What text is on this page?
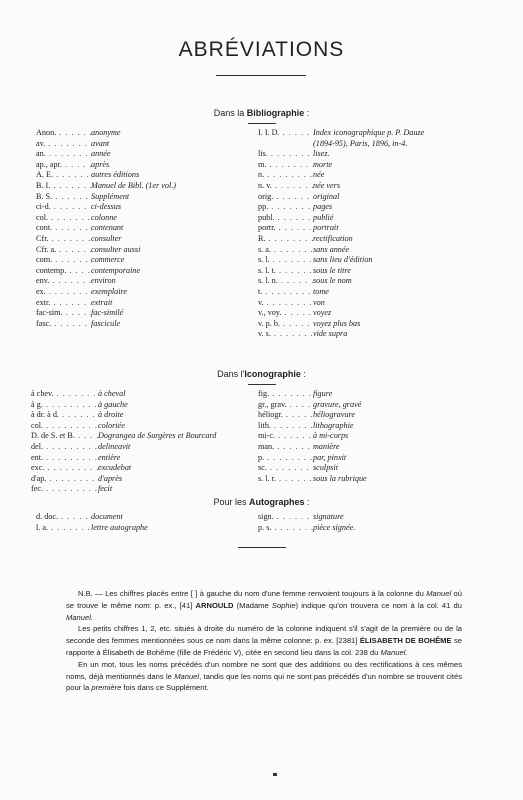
ABRÉVIATIONS
Dans la Bibliographie :
Anon. . . .	anonyme
av. . . .	avant
an. . . .	année
ap., apr. . . .	après
A. E. . . .	autres éditions
B. I. . . .	Manuel de Bibl. (1er vol.)
B. S. . . .	Supplément
ci-d. . . .	ci-dessus
col. . . .	colonne
cont. . . .	contenant
Cfr. . . .	consulter
Cfr. a. . . .	consulter aussi
com. . . .	commerce
contemp. . . .	contemporaine
env. . . .	environ
ex. . . .	exemplaire
extr. . . .	extrait
fac-sim. . . .	fac-similé
fasc. . . .	fascicule
I. I. D. . . .	Index iconographique p. P. Dauze
(1894-95), Paris, 1896, in-4.
lis. . . .	lisez.
m. . . .	morte
n. . . .	née
n. v. . . .	née vers
orig. . . .	original
pp. . . .	pages
publ. . . .	publié
portr. . . .	portrait
R. . . .	rectification
s. a. . . .	sans année
s. l. . . .	sans lieu d'édition
s. l. t. . . .	sous le titre
s. l. n. . . .	sous le nom
t. . . .	tome
v. . . .	von
v., voy. . . .	voyez
v. p. b. . . .	voyez plus bas
v. s. . . .	vide supra
Dans l'Iconographie :
à chev. . . .	à cheval
à g. . . .	à gauche
à dr. à d. . . .	à droite
col. . . .	coloriée
D. de S. et B. . . .	Dograngea de Surgères et Bourcard
del. . . .	delineavit
ent. . . .	entière
exc. . . .	excudebat
d'ap. . . .	d'après
fec. . . .	fecit
fig. . . .	figure
gr., grav. . . .	gravure, gravé
héliogr. . . .	héliogravure
lith. . . .	lithographie
mi-c. . . .	à mi-corps
man. . . .	manière
p. . . .	par, pinxit
sc. . . .	sculpsit
s. l. r. . . .	sous la rubrique
Pour les Autographes :
d. doc. . . .	document
l. a. . . .	lettre autographe
sign. . . .	signature
p. s. . . .	pièce signée.

N.B. — Les chiffres placés entre [ ] à gauche du nom d'une femme renvoient toujours à la colonne du Manuel où se trouve le même nom: p. ex., [41] ARNOULD (Madame Sophie) indique qu'on trouvera ce nom à la col. 41 du Manuel.

Les petits chiffres 1, 2, etc. situés à droite du numéro de la colonne indiquent s'il s'agit de la première ou de la seconde des femmes mentionnées sous ce nom dans la même colonne: p. ex. [2381] ÉLISABETH DE BOHÊME se rapporte à Élisabeth de Bohême (fille de Frédéric V), citée en second lieu dans la col. 238 du Manuel.

En un mot, tous les noms précédés d'un nombre ne sont que des additions ou des rectifications à ces mêmes noms, déjà mentionnés dans le Manuel, tandis que les noms qui ne sont pas précédés d'un nombre se trouvent cités pour la première fois dans ce Supplément.
